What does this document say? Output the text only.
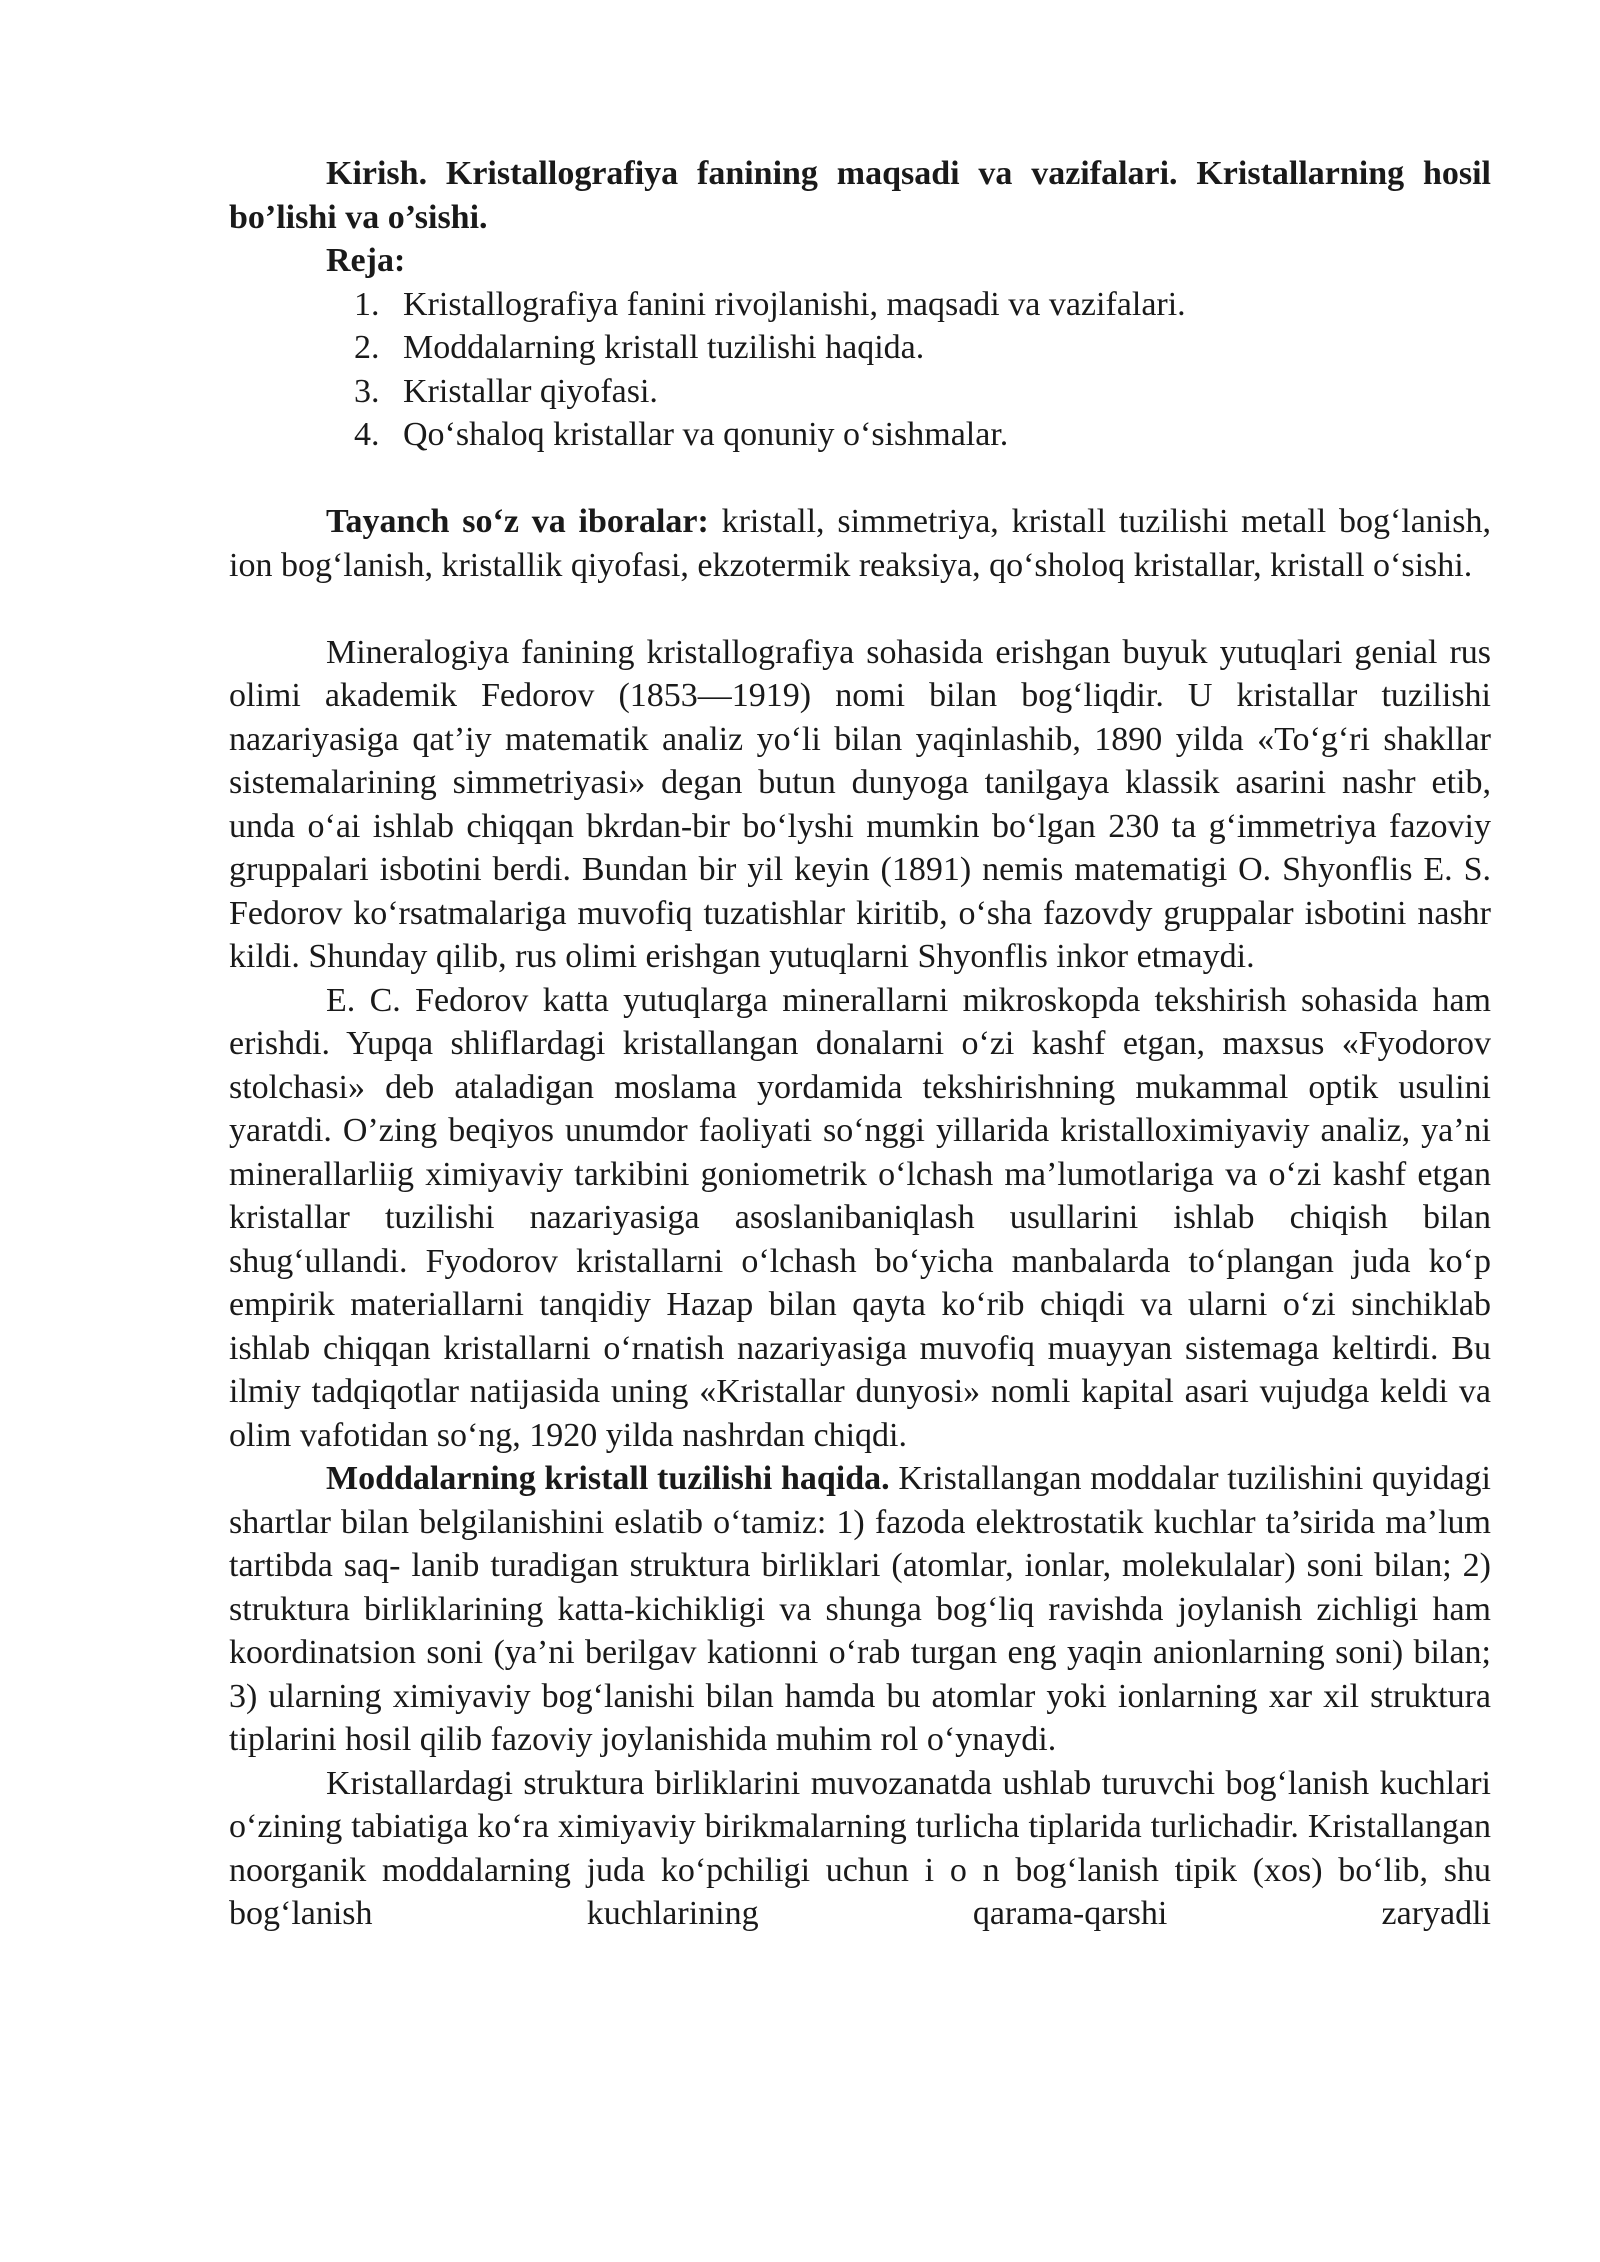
Kirish. Kristallografiya fanining maqsadi va vazifalari. Kristallarning hosil bo’lishi va o’sishi.

Reja:
1. Kristallografiya fanini rivojlanishi, maqsadi va vazifalari.
2. Moddalarning kristall tuzilishi haqida.
3. Kristallar qiyofasi.
4. Qo‘shaloq kristallar va qonuniy o‘sishmalar.

Tayanch so‘z va iboralar: kristall, simmetriya, kristall tuzilishi metall bog‘lanish, ion bog‘lanish, kristallik qiyofasi, ekzotermik reaksiya, qo‘sholoq kristallar, kristall o‘sishi.

Mineralogiya fanining kristallografiya sohasida erishgan buyuk yutuqlari genial rus olimi akademik Fedorov (1853—1919) nomi bilan bog‘liqdir. U kristallar tuzilishi nazariyasiga qat’iy matematik analiz yo‘li bilan yaqinlashib, 1890 yilda «To‘g‘ri shakllar sistemalarining simmetriyasi» degan butun dunyoga tanilgaya klassik asarini nashr etib, unda o‘ai ishlab chiqqan bkrdan-bir bo‘lyshi mumkin bo‘lgan 230 ta g‘immetriya fazoviy gruppalari isbotini berdi. Bundan bir yil keyin (1891) nemis matematigi O. Shyonflis E. S. Fedorov ko‘rsatmalariga muvofiq tuzatishlar kiritib, o‘sha fazovdy gruppalar isbotini nashr kildi. Shunday qilib, rus olimi erishgan yutuqlarni Shyonflis inkor etmaydi.

E. C. Fedorov katta yutuqlarga minerallarni mikroskopda tekshirish sohasida ham erishdi. Yupqa shliflardagi kristallangan donalarni o‘zi kashf etgan, maxsus «Fyodorov stolchasi» deb ataladigan moslama yordamida tekshirishning mukammal optik usulini yaratdi. O’zing beqiyos unumdor faoliyati so‘nggi yillarida kristalloximiyaviy analiz, ya’ni minerallarliig ximiyaviy tarkibini goniometrik o‘lchash ma’lumotlariga va o‘zi kashf etgan kristallar tuzilishi nazariyasiga asoslanibaniqlash usullarini ishlab chiqish bilan shug‘ullandi. Fyodorov kristallarni o‘lchash bo‘yicha manbalarda to‘plangan juda ko‘p empirik materiallarni tanqidiy Hazap bilan qayta ko‘rib chiqdi va ularni o‘zi sinchiklab ishlab chiqqan kristallarni o‘rnatish nazariyasiga muvofiq muayyan sistemaga keltirdi. Bu ilmiy tadqiqotlar natijasida uning «Kristallar dunyosi» nomli kapital asari vujudga keldi va olim vafotidan so‘ng, 1920 yilda nashrdan chiqdi.

Moddalarning kristall tuzilishi haqida. Kristallangan moddalar tuzilishini quyidagi shartlar bilan belgilanishini eslatib o‘tamiz: 1) fazoda elektrostatik kuchlar ta’sirida ma’lum tartibda saq- lanib turadigan struktura birliklari (atomlar, ionlar, molekulalar) soni bilan; 2) struktura birliklarining katta-kichikligi va shunga bog‘liq ravishda joylanish zichligi ham koordinatsion soni (ya’ni berilgav kationni o‘rab turgan eng yaqin anionlarning soni) bilan; 3) ularning ximiyaviy bog‘lanishi bilan hamda bu atomlar yoki ionlarning xar xil struktura tiplarini hosil qilib fazoviy joylanishida muhim rol o‘ynaydi.

Kristallardagi struktura birliklarini muvozanatda ushlab turuvchi bog‘lanish kuchlari o‘zining tabiatiga ko‘ra ximiyaviy birikmalarning turlicha tiplarida turlichadir. Kristallangan noorganik moddalarning juda ko‘pchiligi uchun i o n bog‘lanish tipik (xos) bo‘lib, shu bog‘lanish kuchlarining qarama-qarshi zaryadli
